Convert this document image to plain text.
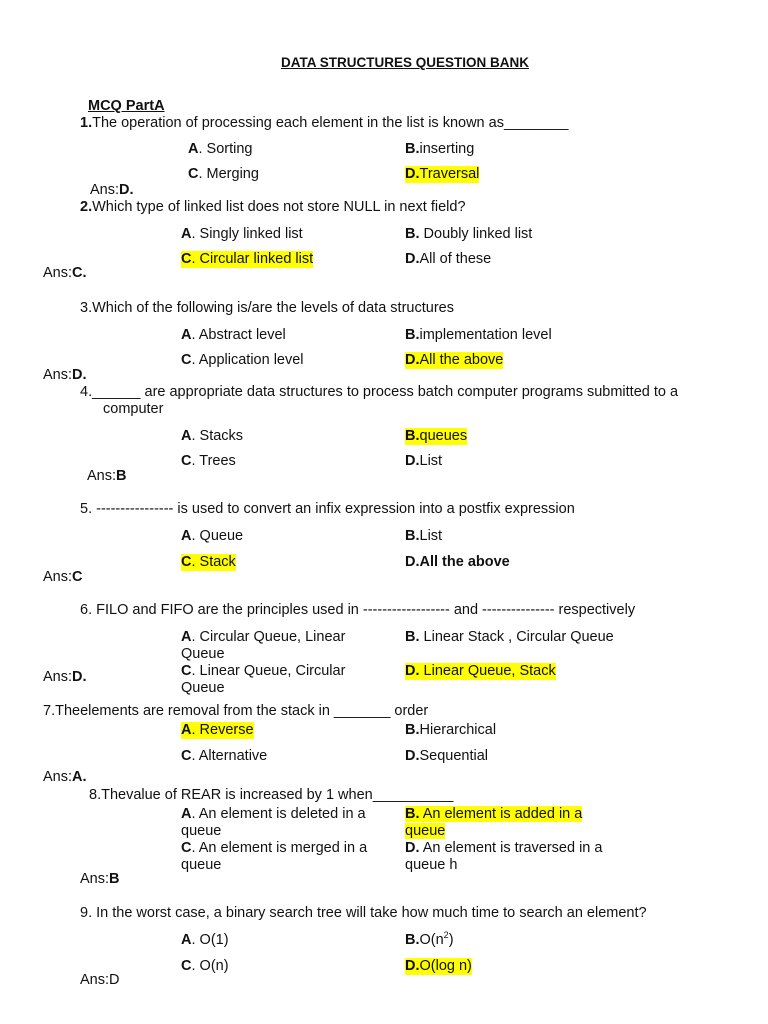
DATA STRUCTURES QUESTION BANK
MCQ PartA
1.The operation of processing each element in the list is known as________
A. Sorting	B.inserting
C. Merging	D.Traversal
Ans:D.
2.Which type of linked list does not store NULL in next field?
A. Singly linked list	B. Doubly linked list
C. Circular linked list	D.All of these
Ans:C.
3.Which of the following is/are the levels of data structures
A. Abstract level	B.implementation level
C. Application level	D.All the above
Ans:D.
4.______ are appropriate data structures to process batch computer programs submitted to a
computer
A. Stacks	B.queues
C. Trees	D.List
Ans:B
5. ---------------- is used to convert an infix expression into a postfix expression
A. Queue	B.List
C. Stack	D.All the above
Ans:C
6. FILO and FIFO are the principles used in ------------------ and --------------- respectively
A. Circular Queue, Linear Queue
B. Linear Stack , Circular Queue
C. Linear Queue, Circular Queue
D. Linear Queue, Stack
Ans:D.
7.Theelements are removal from the stack in _______ order
A. Reverse	B.Hierarchical
C. Alternative	D.Sequential
Ans:A.
8.Thevalue of REAR is increased by 1 when__________
A. An element is deleted in a queue
B. An element is added in a queue
C. An element is merged in a queue
D. An element is traversed in a queue h
Ans:B
9. In the worst case, a binary search tree will take how much time to search an element?
A. O(1)	$B.O(n^2)$
C. O(n)	D.O(log n)
Ans:D
